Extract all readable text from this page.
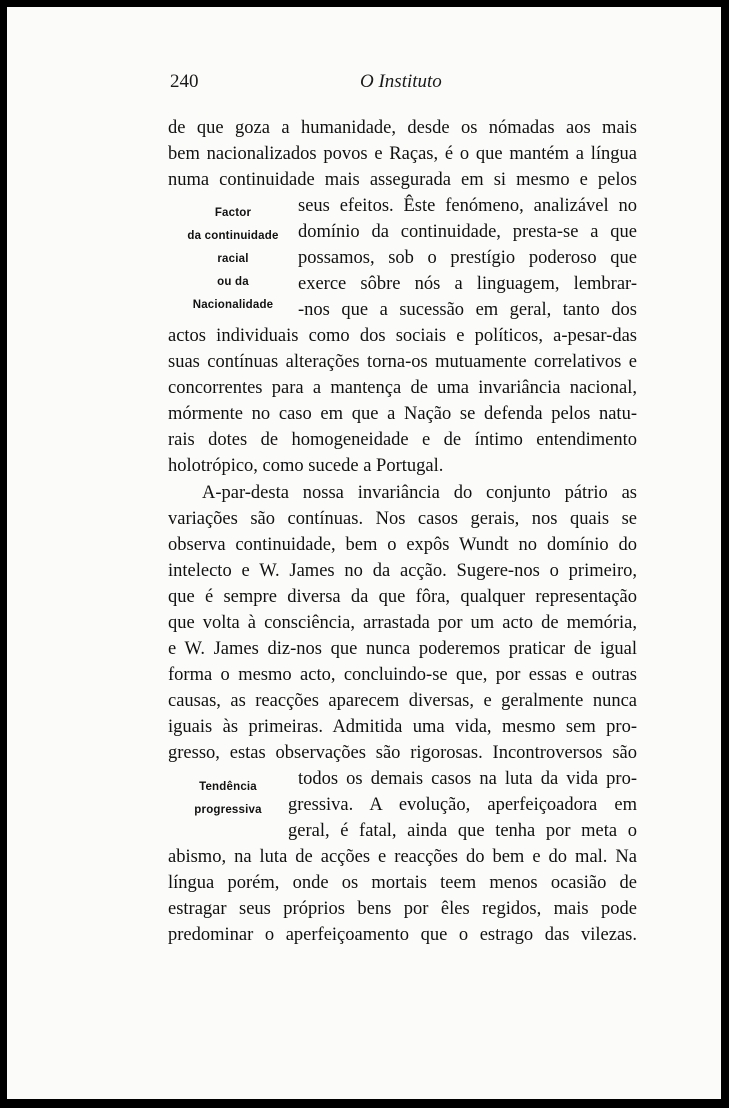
240	O Instituto
Factor
da continuidade
racial
ou da
Nacionalidade
Tendência
progressiva
de que goza a humanidade, desde os nómadas aos mais
bem nacionalizados povos e Raças, é o que mantém a língua
numa continuidade mais assegurada em si mesmo e pelos
seus efeitos. Êste fenómeno, analizável no
domínio da continuidade, presta-se a que
possamos, sob o prestígio poderoso que
exerce sôbre nós a linguagem, lembrar-
-nos que a sucessão em geral, tanto dos
actos individuais como dos sociais e políticos, a-pesar-das
suas contínuas alterações torna-os mutuamente correlativos e
concorrentes para a mantença de uma invariância nacional,
mórmente no caso em que a Nação se defenda pelos natu-
rais dotes de homogeneidade e de íntimo entendimento
holotrópico, como sucede a Portugal.
A-par-desta nossa invariância do conjunto pátrio as
variações são contínuas. Nos casos gerais, nos quais se
observa continuidade, bem o expôs Wundt no domínio do
intelecto e W. James no da acção. Sugere-nos o primeiro,
que é sempre diversa da que fôra, qualquer representação
que volta à consciência, arrastada por um acto de memória,
e W. James diz-nos que nunca poderemos praticar de igual
forma o mesmo acto, concluindo-se que, por essas e outras
causas, as reacções aparecem diversas, e geralmente nunca
iguais às primeiras. Admitida uma vida, mesmo sem pro-
gresso, estas observações são rigorosas. Incontroversos são
todos os demais casos na luta da vida pro-
gressiva. A evolução, aperfeiçoadora em
geral, é fatal, ainda que tenha por meta o
abismo, na luta de acções e reacções do bem e do mal. Na
língua porém, onde os mortais teem menos ocasião de
estragar seus próprios bens por êles regidos, mais pode
predominar o aperfeiçoamento que o estrago das vilezas.
